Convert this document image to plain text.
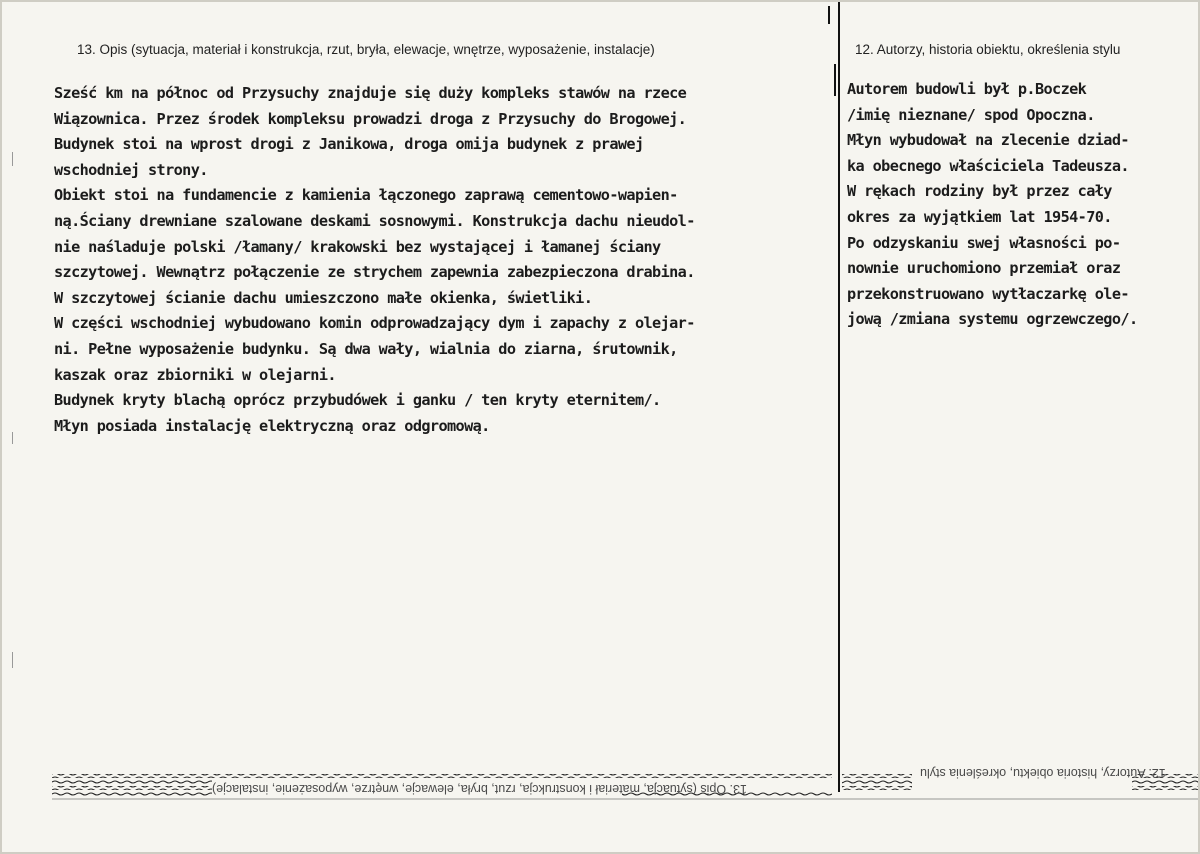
13. Opis (sytuacja, materiał i konstrukcja, rzut, bryła, elewacje, wnętrze, wyposażenie, instalacje)	12. Autorzy, historia obiektu, określenia stylu
Sześć km na północ od Przysuchy znajduje się duży kompleks stawów na rzece
Wiązownica. Przez środek kompleksu prowadzi droga z Przysuchy do Brogowej.
Budynek stoi na wprost drogi z Janikowa, droga omija budynek z prawej
wschodniej strony.
Obiekt stoi na fundamencie z kamienia łączonego zaprawą cementowo-wapien-
ną.Ściany drewniane szalowane deskami sosnowymi. Konstrukcja dachu nieudol-
nie naśladuje polski /łamany/ krakowski bez wystającej i łamanej ściany
szczytowej. Wewnątrz połączenie ze strychem zapewnia zabezpieczona drabina.
W szczytowej ścianie dachu umieszczono małe okienka, świetliki.
W części wschodniej wybudowano komin odprowadzający dym i zapachy z olejar-
ni. Pełne wyposażenie budynku. Są dwa wały, wialnia do ziarna, śrutownik,
kaszak oraz zbiorniki w olejarni.
Budynek kryty blachą oprócz przybudówek i ganku / ten kryty eternitem/.
Młyn posiada instalację elektryczną oraz odgromową.
Autorem budowli był p.Boczek
/imię nieznane/ spod Opoczna.
Młyn wybudował na zlecenie dziad-
ka obecnego właściciela Tadeusza.
W rękach rodziny był przez cały
okres za wyjątkiem lat 1954-70.
Po odzyskaniu swej własności po-
nownie uruchomiono przemiał oraz
przekonstruowano wytłaczarkę ole-
jową /zmiana systemu ogrzewczego/.
13. Opis (sytuacja, materiał i konstrukcja, rzut, bryła, elewacje, wnętrze, wyposażenie, instalacje)
12. Autorzy, historia obiektu, określenia stylu
